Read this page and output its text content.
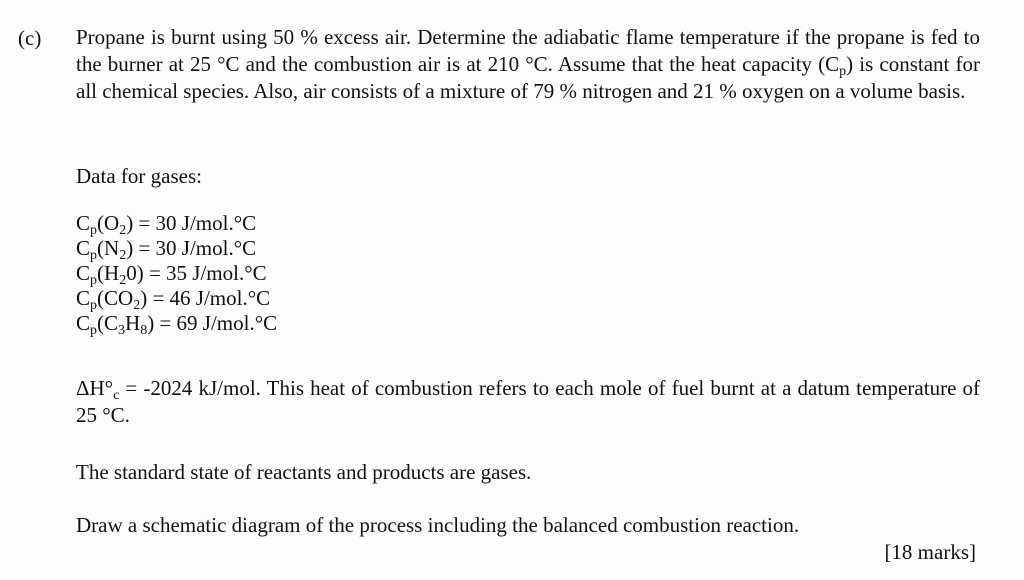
(c) Propane is burnt using 50 % excess air. Determine the adiabatic flame temperature if the propane is fed to the burner at 25 °C and the combustion air is at 210 °C. Assume that the heat capacity $(C_p)$ is constant for all chemical species. Also, air consists of a mixture of 79 % nitrogen and 21 % oxygen on a volume basis.
Data for gases:
$C_p(O_2) = 30$ J/mol.°C
$C_p(N_2) = 30$ J/mol.°C
$C_p(H_20) = 35$ J/mol.°C
$C_p(CO_2) = 46$ J/mol.°C
$C_p(C_3H_8) = 69$ J/mol.°C
$\Delta H^\circ_c = -2024$ kJ/mol. This heat of combustion refers to each mole of fuel burnt at a datum temperature of 25 °C.
The standard state of reactants and products are gases.
Draw a schematic diagram of the process including the balanced combustion reaction.
[18 marks]
